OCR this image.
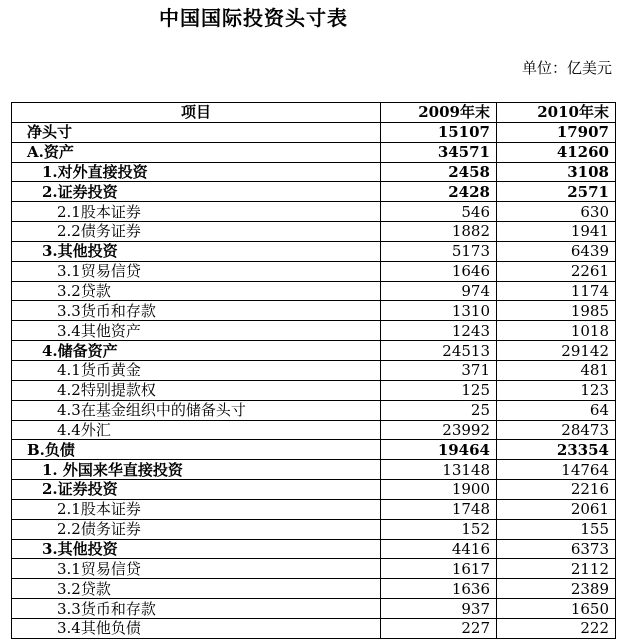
中国国际投资头寸表
单位：亿美元
项目	2009年末	2010年末
净头寸	15107	17907
A.资产	34571	41260
1.对外直接投资	2458	3108
2.证券投资	2428	2571
2.1股本证券	546	630
2.2债务证券	1882	1941
3.其他投资	5173	6439
3.1贸易信贷	1646	2261
3.2贷款	974	1174
3.3货币和存款	1310	1985
3.4其他资产	1243	1018
4.储备资产	24513	29142
4.1货币黄金	371	481
4.2特别提款权	125	123
4.3在基金组织中的储备头寸	25	64
4.4外汇	23992	28473
B.负债	19464	23354
1. 外国来华直接投资	13148	14764
2.证券投资	1900	2216
2.1股本证券	1748	2061
2.2债务证券	152	155
3.其他投资	4416	6373
3.1贸易信贷	1617	2112
3.2贷款	1636	2389
3.3货币和存款	937	1650
3.4其他负债	227	222
